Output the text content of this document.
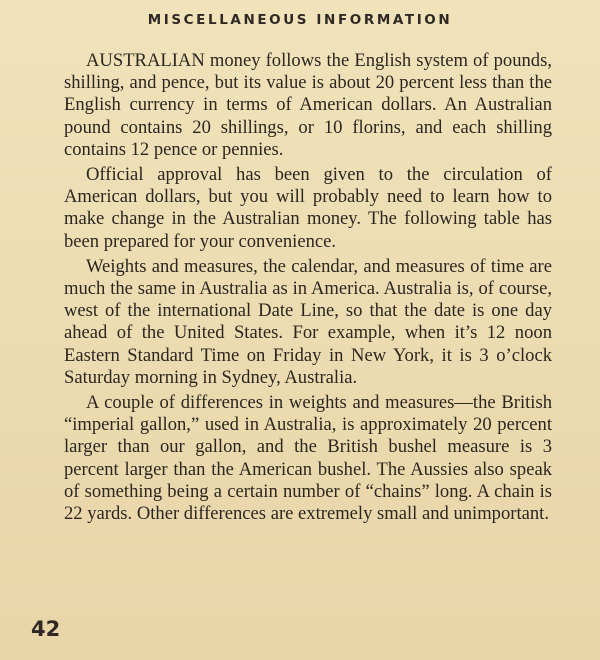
MISCELLANEOUS INFORMATION

AUSTRALIAN money follows the English system of pounds, shilling, and pence, but its value is about 20 percent less than the English currency in terms of American dollars. An Australian pound contains 20 shillings, or 10 florins, and each shilling contains 12 pence or pennies.

Official approval has been given to the circulation of American dollars, but you will probably need to learn how to make change in the Australian money. The following table has been prepared for your convenience.

Weights and measures, the calendar, and measures of time are much the same in Australia as in America. Australia is, of course, west of the international Date Line, so that the date is one day ahead of the United States. For example, when it’s 12 noon Eastern Standard Time on Friday in New York, it is 3 o’clock Saturday morning in Sydney, Australia.

A couple of differences in weights and measures—the British “imperial gallon,” used in Australia, is approximately 20 percent larger than our gallon, and the British bushel measure is 3 percent larger than the American bushel. The Aussies also speak of something being a certain number of “chains” long. A chain is 22 yards. Other differences are extremely small and unimportant.

42
